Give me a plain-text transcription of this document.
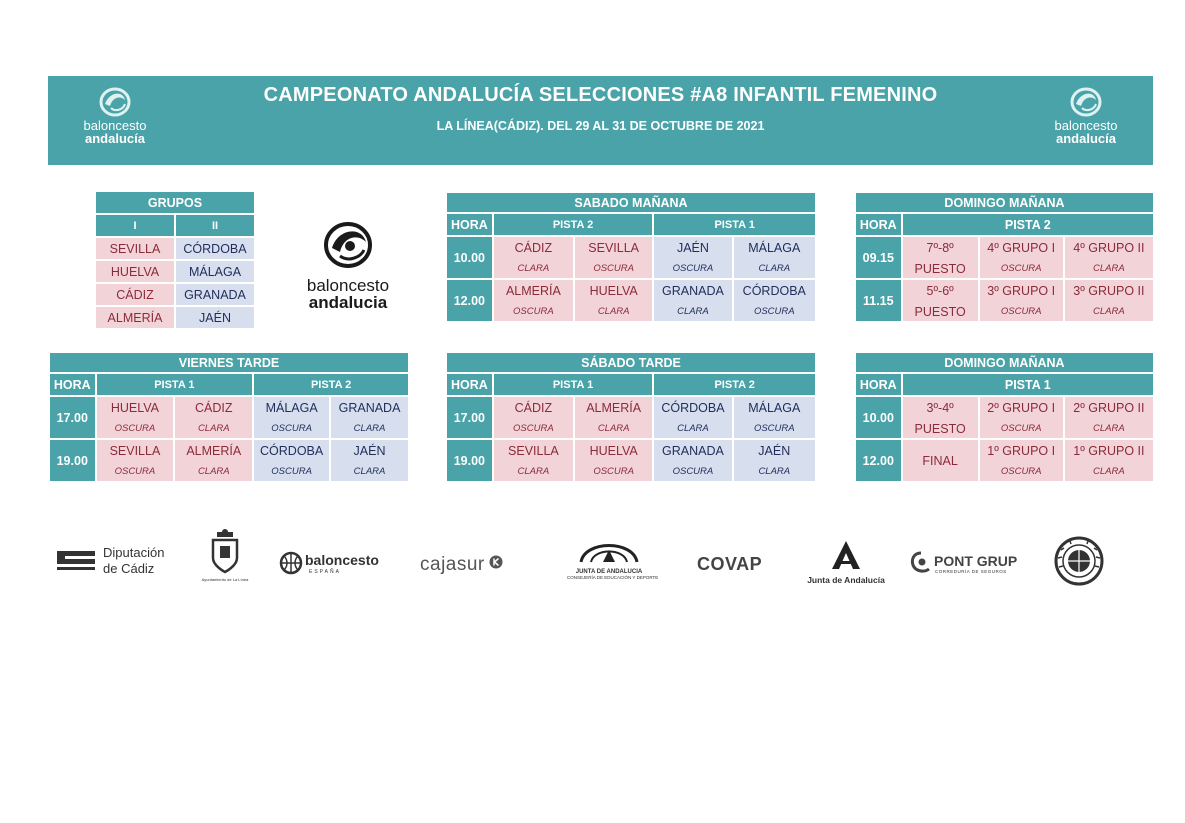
baloncesto
andalucía
CAMPEONATO ANDALUCÍA SELECCIONES #A8 INFANTIL FEMENINO
LA LÍNEA(CÁDIZ). DEL 29 AL 31 DE OCTUBRE DE 2021	baloncesto
andalucía
GRUPOS	
I	II
SEVILLA	CÓRDOBA
HUELVA	MÁLAGA
CÁDIZ	GRANADA
ALMERÍA	JAÉN
baloncesto
andalucia
SABADO MAÑANA				
HORA	PISTA 2		PISTA 1	
10.00	CÁDIZ	SEVILLA	JAÉN	MÁLAGA
	CLARA	OSCURA	OSCURA	CLARA
12.00	ALMERÍA	HUELVA	GRANADA	CÓRDOBA
	OSCURA	CLARA	CLARA	OSCURA
DOMINGO MAÑANA			
HORA	PISTA 2		
09.15	7º-8º	4º GRUPO I	4º GRUPO II
	PUESTO	OSCURA	CLARA
11.15	5º-6º	3º GRUPO I	3º GRUPO II
	PUESTO	OSCURA	CLARA
VIERNES TARDE				
HORA	PISTA 1		PISTA 2	
17.00	HUELVA	CÁDIZ	MÁLAGA	GRANADA
	OSCURA	CLARA	OSCURA	CLARA
19.00	SEVILLA	ALMERÍA	CÓRDOBA	JAÉN
	OSCURA	CLARA	OSCURA	CLARA
SÁBADO TARDE				
HORA	PISTA 1		PISTA 2	
17.00	CÁDIZ	ALMERÍA	CÓRDOBA	MÁLAGA
	OSCURA	CLARA	CLARA	OSCURA
19.00	SEVILLA	HUELVA	GRANADA	JAÉN
	CLARA	OSCURA	OSCURA	CLARA
DOMINGO MAÑANA			
HORA	PISTA 1		
10.00	3º-4º	2º GRUPO I	2º GRUPO II
	PUESTO	OSCURA	CLARA
12.00	FINAL	1º GRUPO I	1º GRUPO II
		OSCURA	CLARA
Diputación
de Cádiz
Ayuntamiento de La Línea
baloncesto
ESPAÑA	cajasur	JUNTA DE ANDALUCIA
CONSEJERÍA DE EDUCACIÓN Y DEPORTE
COVAP
Junta de Andalucía
PONT GRUP
CORREDURÍA DE SEGUROS
